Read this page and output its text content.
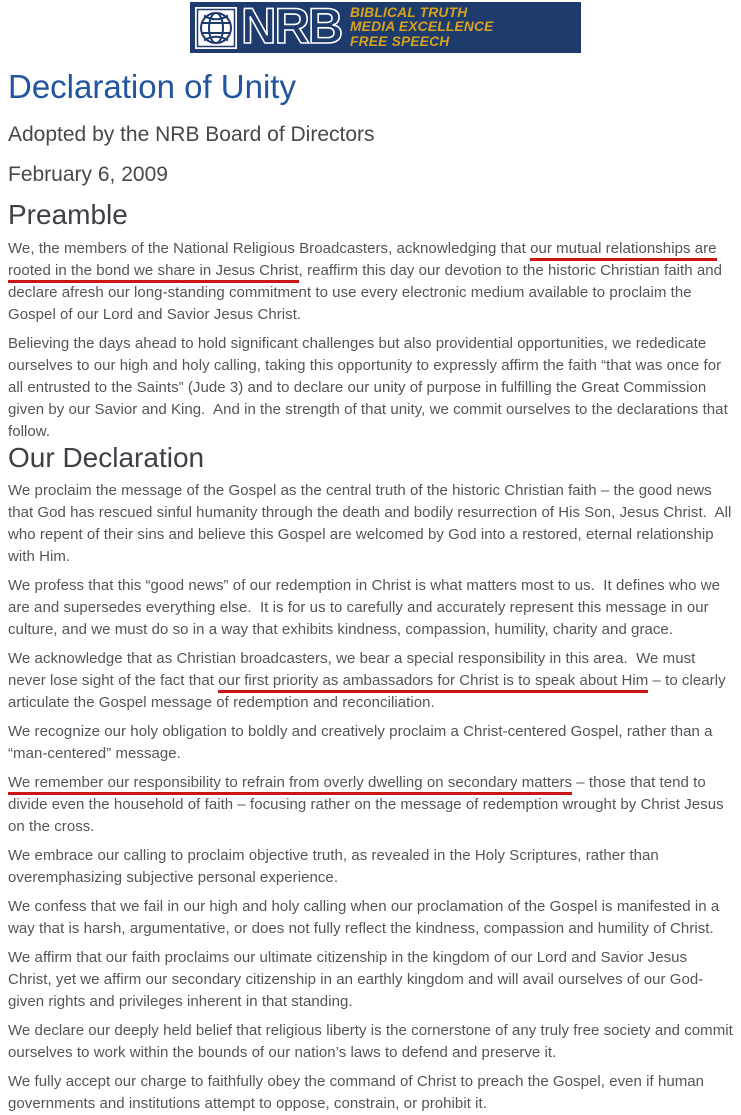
NRB BIBLICAL TRUTH
MEDIA EXCELLENCE
FREE SPEECH
Declaration of Unity
Adopted by the NRB Board of Directors
February 6, 2009
Preamble

We, the members of the National Religious Broadcasters, acknowledging that our mutual relationships are rooted in the bond we share in Jesus Christ, reaffirm this day our devotion to the historic Christian faith and declare afresh our long-standing commitment to use every electronic medium available to proclaim the Gospel of our Lord and Savior Jesus Christ.

Believing the days ahead to hold significant challenges but also providential opportunities, we rededicate ourselves to our high and holy calling, taking this opportunity to expressly affirm the faith “that was once for all entrusted to the Saints” (Jude 3) and to declare our unity of purpose in fulfilling the Great Commission given by our Savior and King.  And in the strength of that unity, we commit ourselves to the declarations that follow.

Our Declaration

We proclaim the message of the Gospel as the central truth of the historic Christian faith – the good news that God has rescued sinful humanity through the death and bodily resurrection of His Son, Jesus Christ.  All who repent of their sins and believe this Gospel are welcomed by God into a restored, eternal relationship with Him.

We profess that this “good news” of our redemption in Christ is what matters most to us.  It defines who we are and supersedes everything else.  It is for us to carefully and accurately represent this message in our culture, and we must do so in a way that exhibits kindness, compassion, humility, charity and grace.

We acknowledge that as Christian broadcasters, we bear a special responsibility in this area.  We must never lose sight of the fact that our first priority as ambassadors for Christ is to speak about Him – to clearly articulate the Gospel message of redemption and reconciliation.

We recognize our holy obligation to boldly and creatively proclaim a Christ-centered Gospel, rather than a “man-centered” message.

We remember our responsibility to refrain from overly dwelling on secondary matters – those that tend to divide even the household of faith – focusing rather on the message of redemption wrought by Christ Jesus on the cross.

We embrace our calling to proclaim objective truth, as revealed in the Holy Scriptures, rather than overemphasizing subjective personal experience.

We confess that we fail in our high and holy calling when our proclamation of the Gospel is manifested in a way that is harsh, argumentative, or does not fully reflect the kindness, compassion and humility of Christ.

We affirm that our faith proclaims our ultimate citizenship in the kingdom of our Lord and Savior Jesus Christ, yet we affirm our secondary citizenship in an earthly kingdom and will avail ourselves of our God-given rights and privileges inherent in that standing.

We declare our deeply held belief that religious liberty is the cornerstone of any truly free society and commit ourselves to work within the bounds of our nation’s laws to defend and preserve it.

We fully accept our charge to faithfully obey the command of Christ to preach the Gospel, even if human governments and institutions attempt to oppose, constrain, or prohibit it.
